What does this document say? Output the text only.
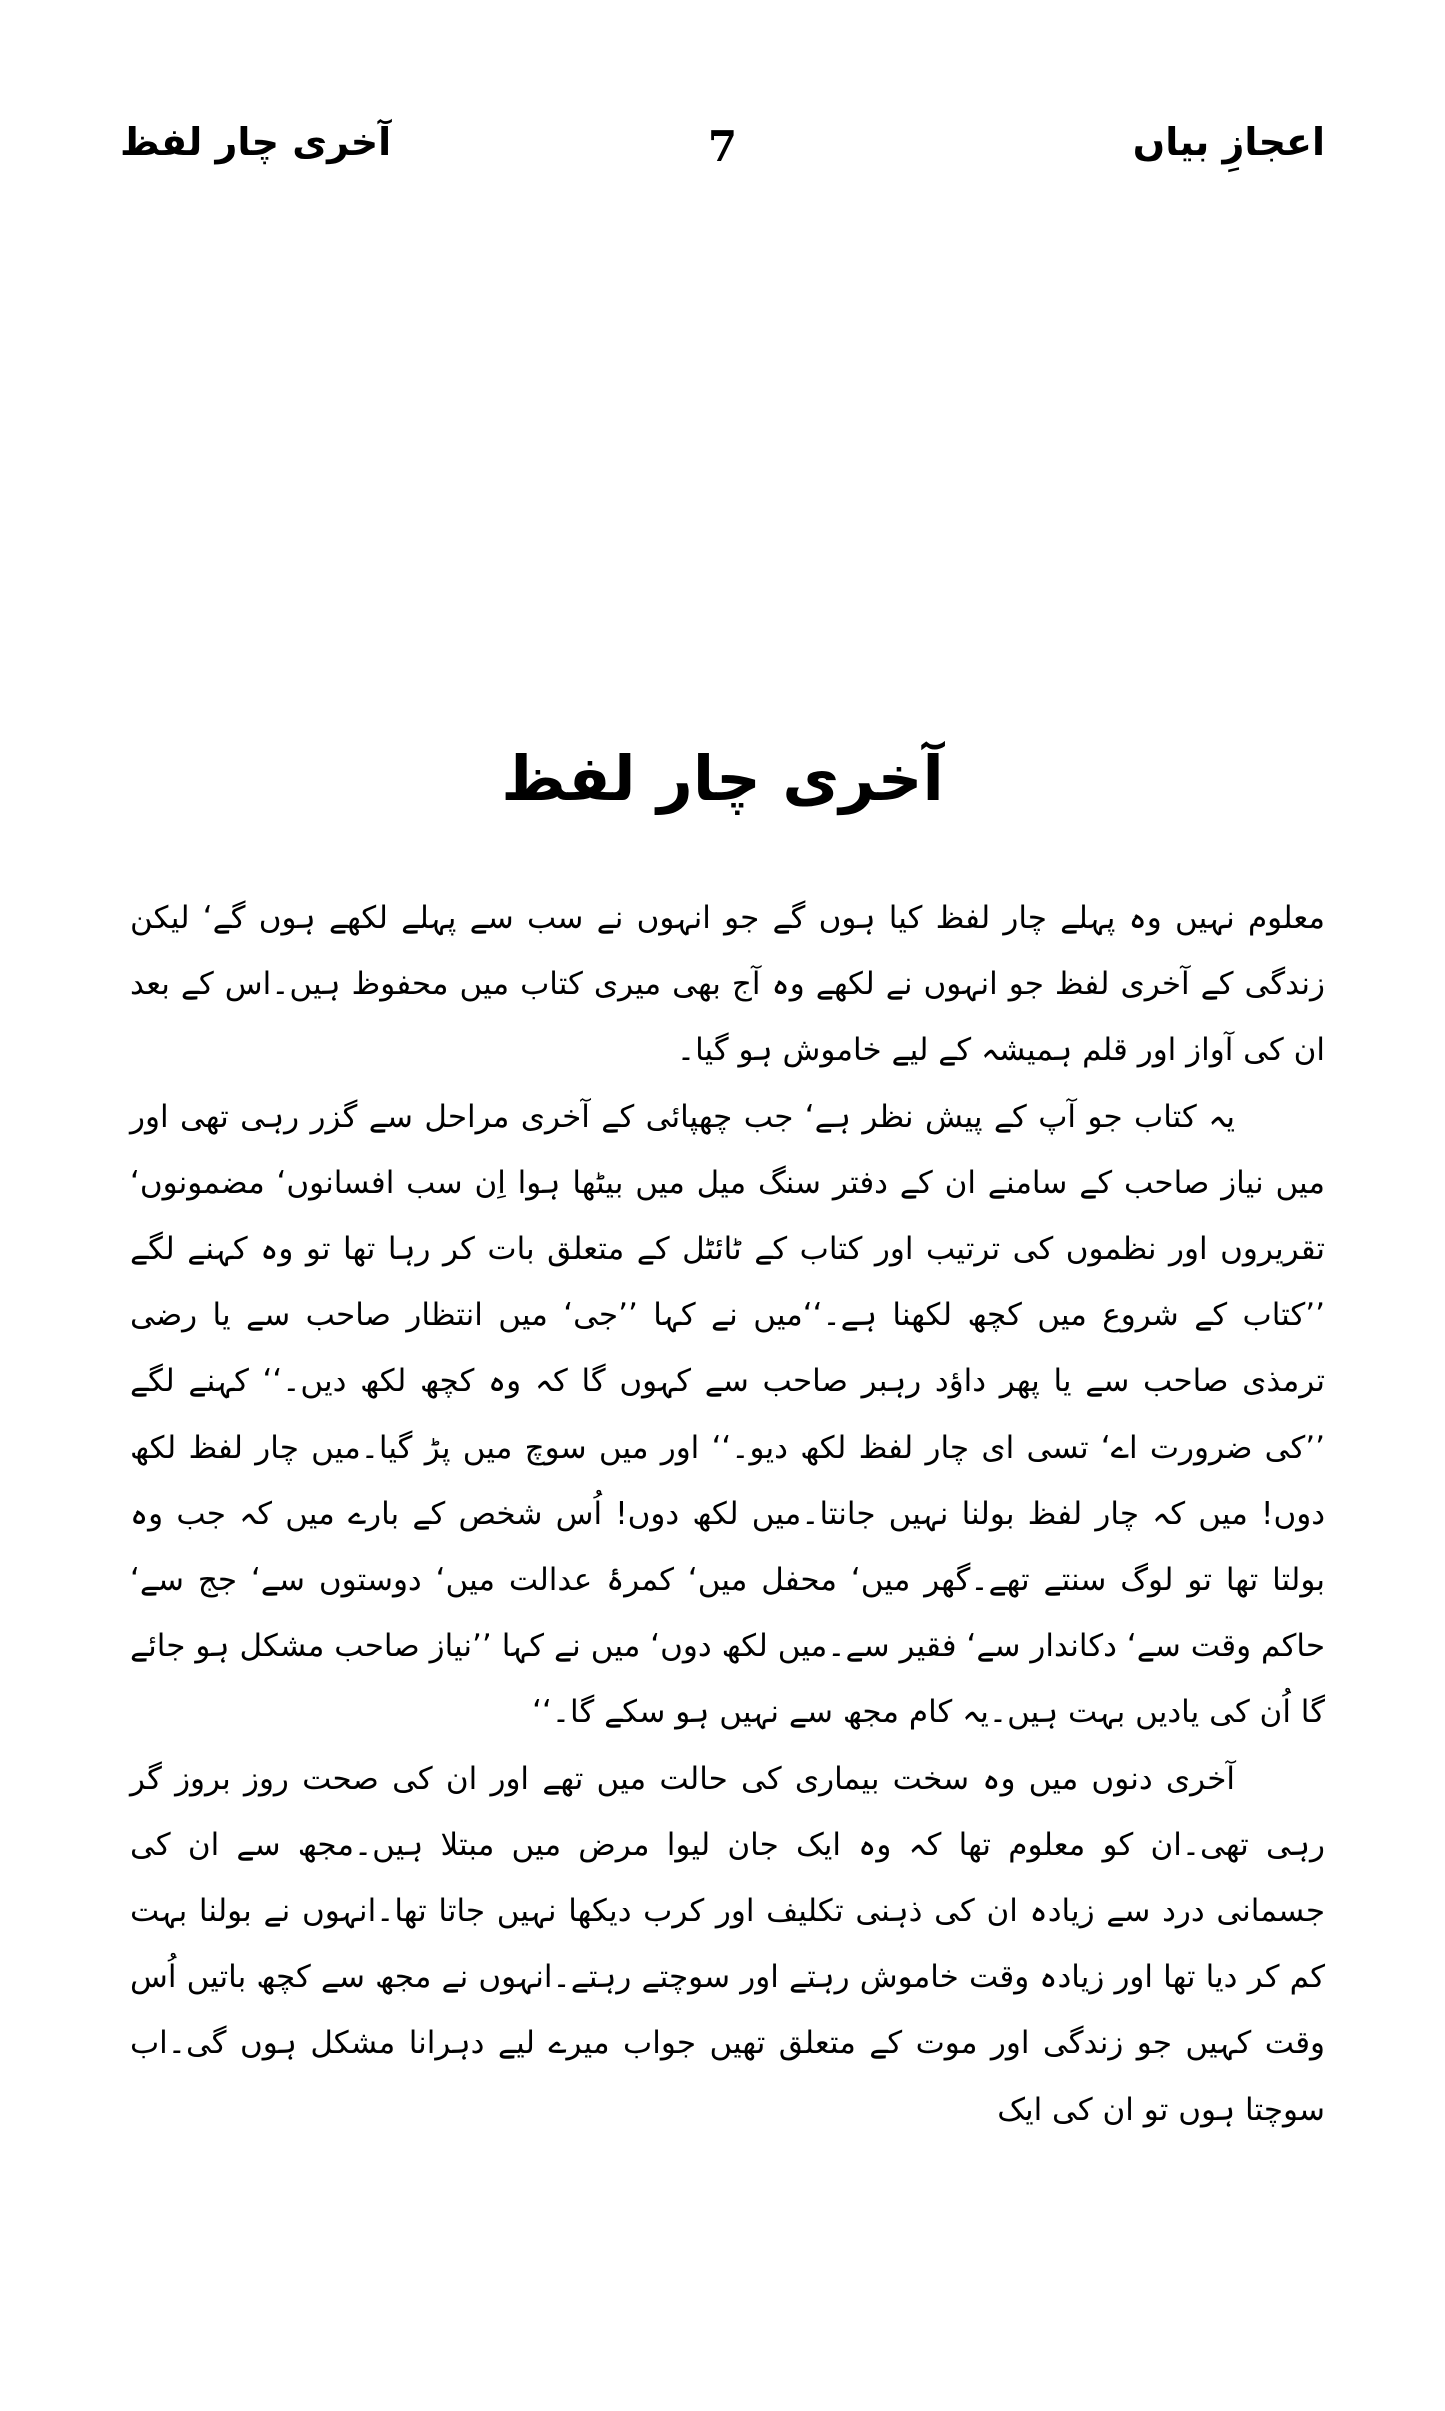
آخری چار لفظ	7	اعجازِ بیاں
آخری چار لفظ

معلوم نہیں وہ پہلے چار لفظ کیا ہوں گے جو انہوں نے سب سے پہلے لکھے ہوں گے‘ لیکن زندگی کے آخری لفظ جو انہوں نے لکھے وہ آج بھی میری کتاب میں محفوظ ہیں۔اس کے بعد ان کی آواز اور قلم ہمیشہ کے لیے خاموش ہو گیا۔

یہ کتاب جو آپ کے پیش نظر ہے‘ جب چھپائی کے آخری مراحل سے گزر رہی تھی اور میں نیاز صاحب کے سامنے ان کے دفتر سنگ میل میں بیٹھا ہوا اِن سب افسانوں‘ مضمونوں‘ تقریروں اور نظموں کی ترتیب اور کتاب کے ٹائٹل کے متعلق بات کر رہا تھا تو وہ کہنے لگے ’’کتاب کے شروع میں کچھ لکھنا ہے۔‘‘میں نے کہا ’’جی‘ میں انتظار صاحب سے یا رضی ترمذی صاحب سے یا پھر داؤد رہبر صاحب سے کہوں گا کہ وہ کچھ لکھ دیں۔‘‘ کہنے لگے ’’کی ضرورت اے‘ تسی ای چار لفظ لکھ دیو۔‘‘ اور میں سوچ میں پڑ گیا۔میں چار لفظ لکھ دوں! میں کہ چار لفظ بولنا نہیں جانتا۔میں لکھ دوں! اُس شخص کے بارے میں کہ جب وہ بولتا تھا تو لوگ سنتے تھے۔گھر میں‘ محفل میں‘ کمرۂ عدالت میں‘ دوستوں سے‘ جج سے‘ حاکم وقت سے‘ دکاندار سے‘ فقیر سے۔میں لکھ دوں‘ میں نے کہا ’’نیاز صاحب مشکل ہو جائے گا اُن کی یادیں بہت ہیں۔یہ کام مجھ سے نہیں ہو سکے گا۔‘‘

آخری دنوں میں وہ سخت بیماری کی حالت میں تھے اور ان کی صحت روز بروز گر رہی تھی۔ان کو معلوم تھا کہ وہ ایک جان لیوا مرض میں مبتلا ہیں۔مجھ سے ان کی جسمانی درد سے زیادہ ان کی ذہنی تکلیف اور کرب دیکھا نہیں جاتا تھا۔انہوں نے بولنا بہت کم کر دیا تھا اور زیادہ وقت خاموش رہتے اور سوچتے رہتے۔انہوں نے مجھ سے کچھ باتیں اُس وقت کہیں جو زندگی اور موت کے متعلق تھیں جواب میرے لیے دہرانا مشکل ہوں گی۔اب سوچتا ہوں تو ان کی ایک
